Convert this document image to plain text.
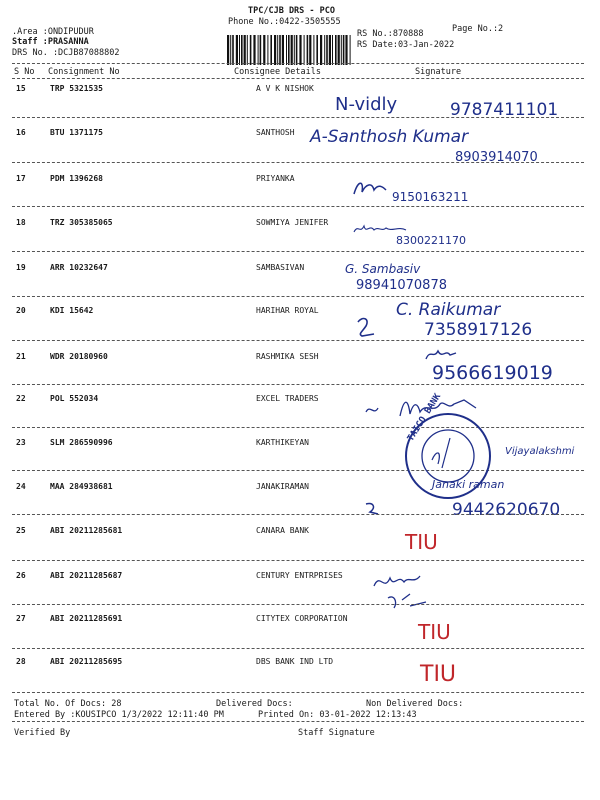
TPC/CJB DRS - PCO
Phone No.:0422-3505555
Page No.:2
.Area :ONDIPUDUR
Staff :PRASANNA
DRS No. :DCJB87088802
RS No.:870888
RS Date:03-Jan-2022
S No Consignment No	Consignee Details	Signature
15	TRP 5321535	A V K NISHOK
N-vidly	9787411101
16	BTU 1371175	SANTHOSH A-Santhosh Kumar
8903914070
17	PDM 1396268	PRIYANKA
9150163211
18	TRZ 305385065	SOWMIYA JENIFER
8300221170
19	ARR 10232647	SAMBASIVAN	G. Sambasiv
98941070878
20	KDI 15642	HARIHAR ROYAL	C. Raikumar
7358917126
21	WDR 20180960	RASHMIKA SESH
9566619019
22	POL 552034	EXCEL TRADERS
23	SLM 286590996	KARTHIKEYAN
Vijayalakshmi
TAICO BANK
24	MAA 284938681	JANAKIRAMAN	Janaki raman
9442620670
25	ABI 20211285681	CANARA BANK	TIU
26	ABI 20211285687	CENTURY ENTRPRISES
27	ABI 20211285691	CITYTEX CORPORATION
TIU
28	ABI 20211285695	DBS BANK IND LTD
TIU
Total No. Of Docs: 28	Delivered Docs:	Non Delivered Docs:
Entered By :KOUSIPCO 1/3/2022 12:11:40 PM	Printed On: 03-01-2022 12:13:43
Verified By	Staff Signature
